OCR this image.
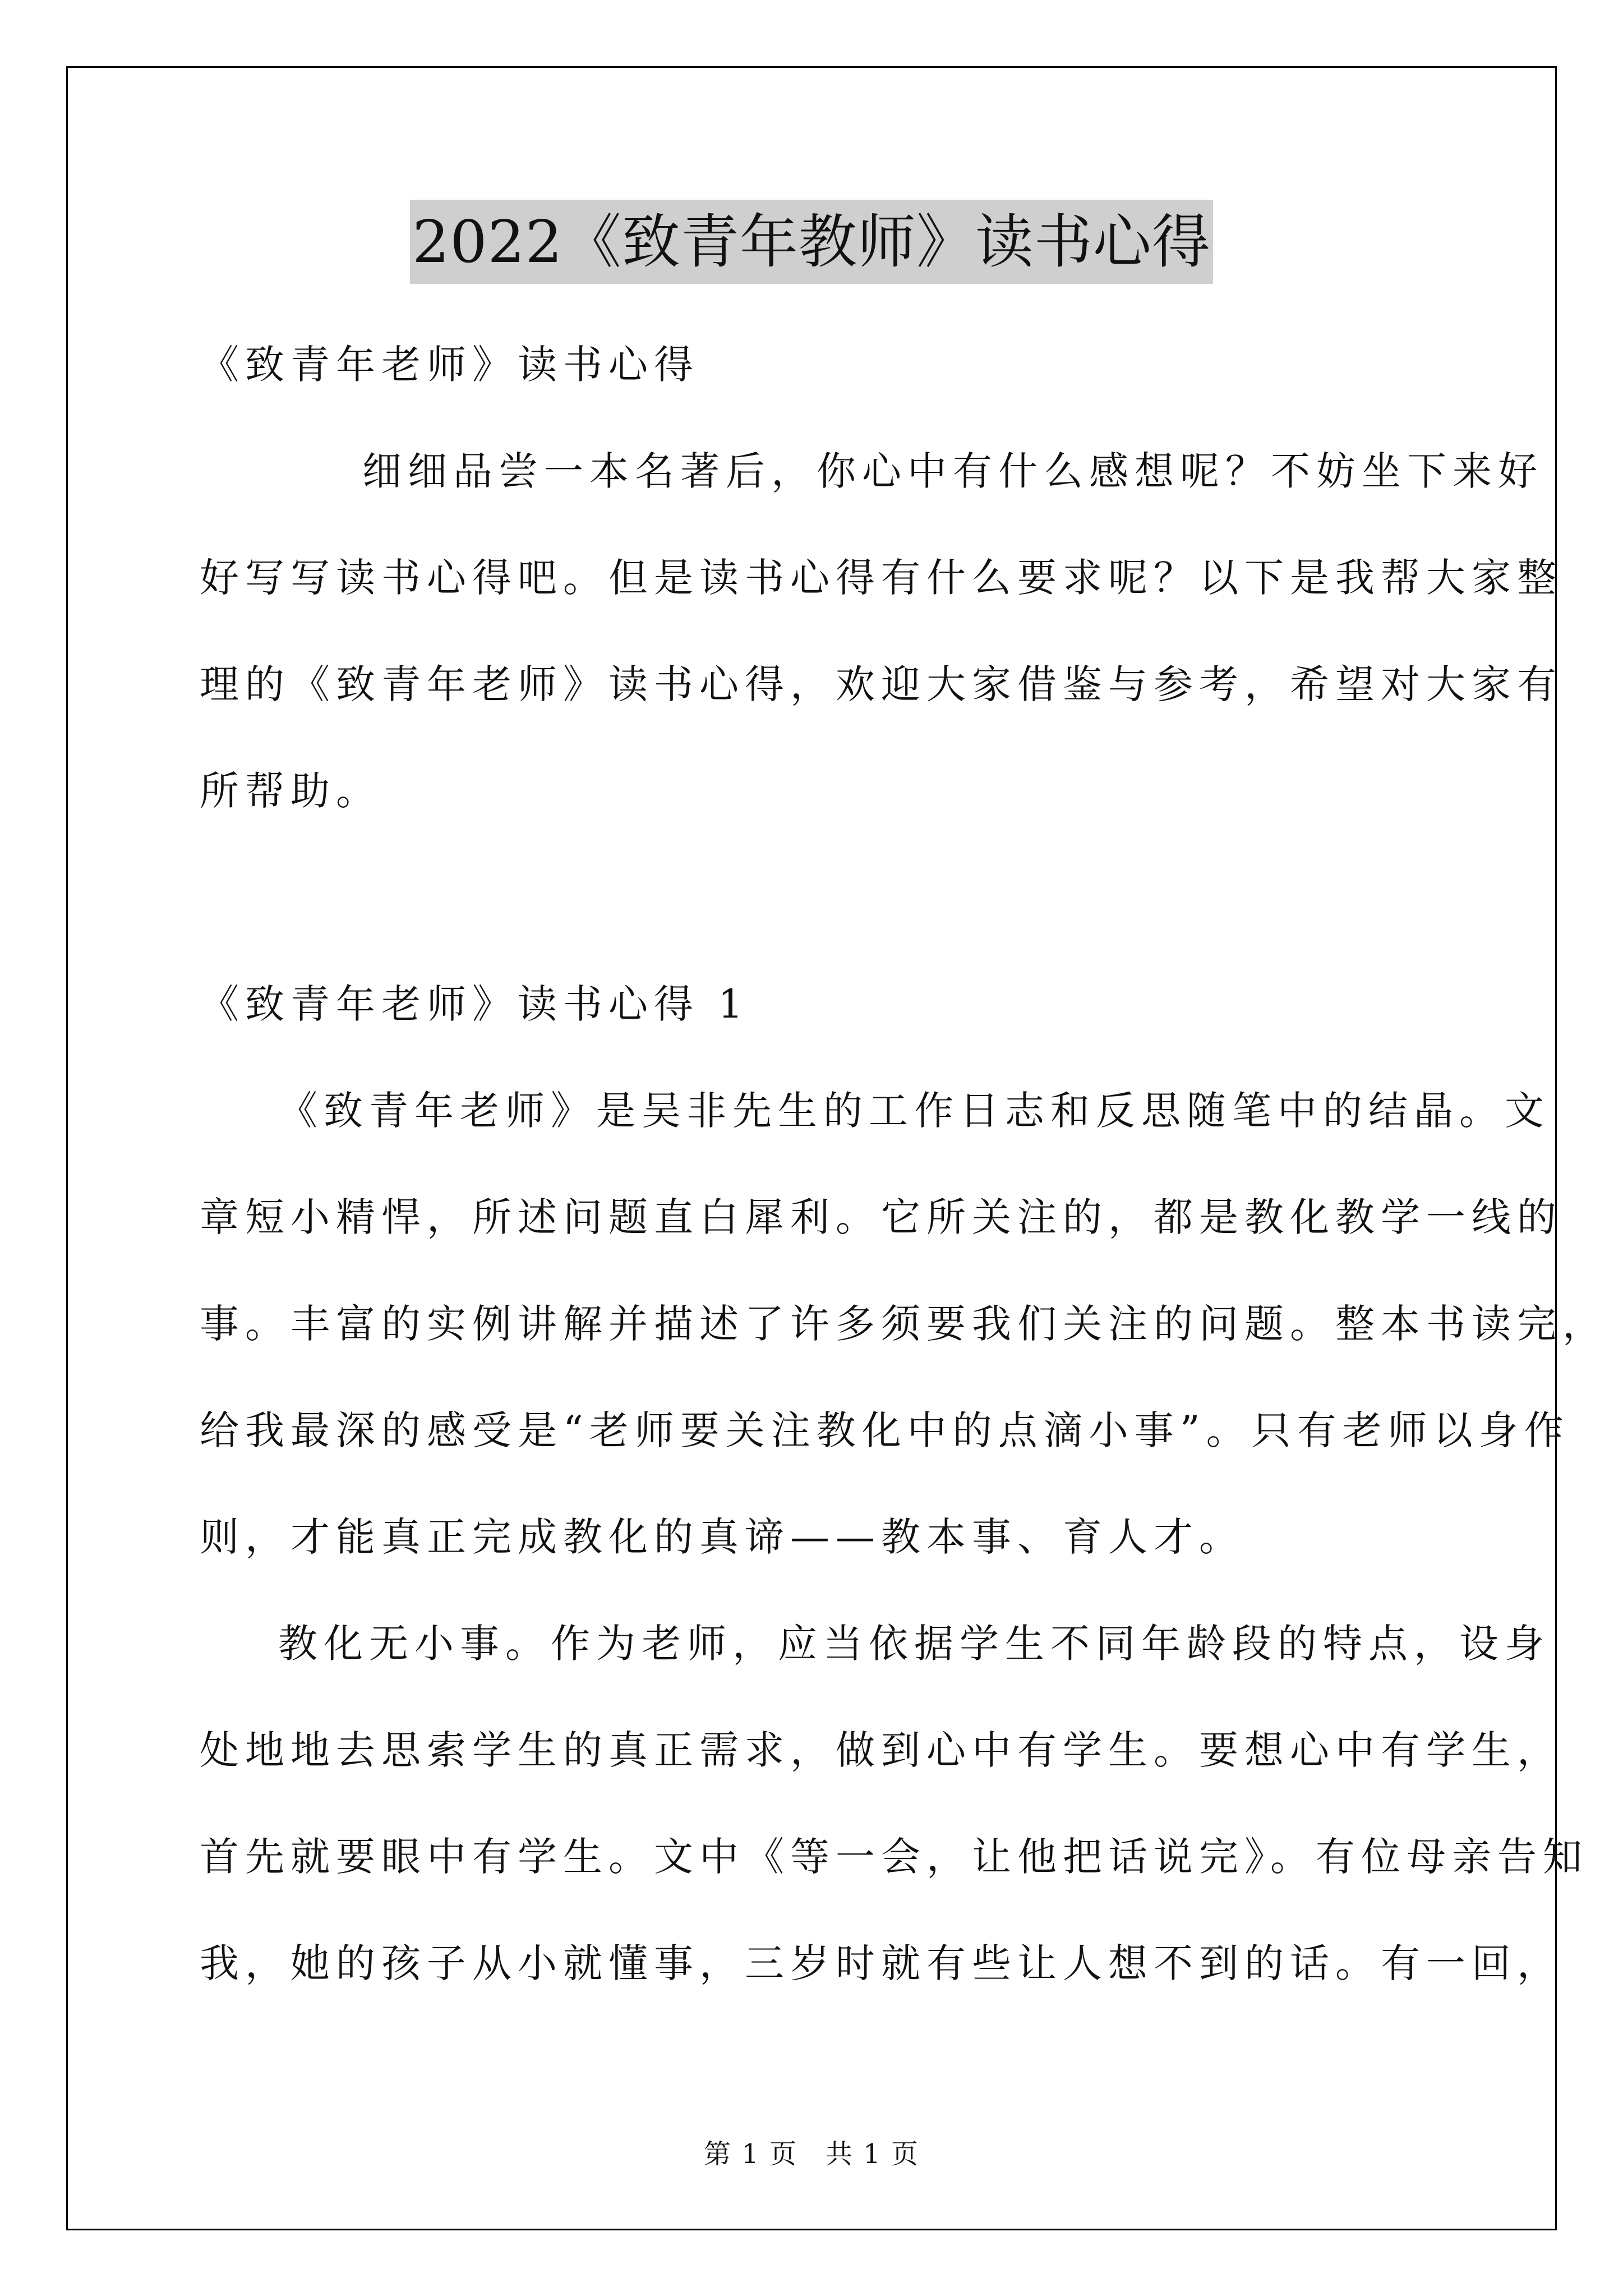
2022《致青年教师》读书心得

《致青年老师》读书心得

细细品尝一本名著后，你心中有什么感想呢？不妨坐下来好
好写写读书心得吧。但是读书心得有什么要求呢？以下是我帮大家整
理的《致青年老师》读书心得，欢迎大家借鉴与参考，希望对大家有
所帮助。

《致青年老师》读书心得 1

《致青年老师》是吴非先生的工作日志和反思随笔中的结晶。文
章短小精悍，所述问题直白犀利。它所关注的，都是教化教学一线的
事。丰富的实例讲解并描述了许多须要我们关注的问题。整本书读完，
给我最深的感受是“老师要关注教化中的点滴小事”。只有老师以身作
则，才能真正完成教化的真谛——教本事、育人才。

教化无小事。作为老师，应当依据学生不同年龄段的特点，设身
处地地去思索学生的真正需求，做到心中有学生。要想心中有学生，
首先就要眼中有学生。文中《等一会，让他把话说完》。有位母亲告知
我，她的孩子从小就懂事，三岁时就有些让人想不到的话。有一回，

第 1 页　共 1 页
